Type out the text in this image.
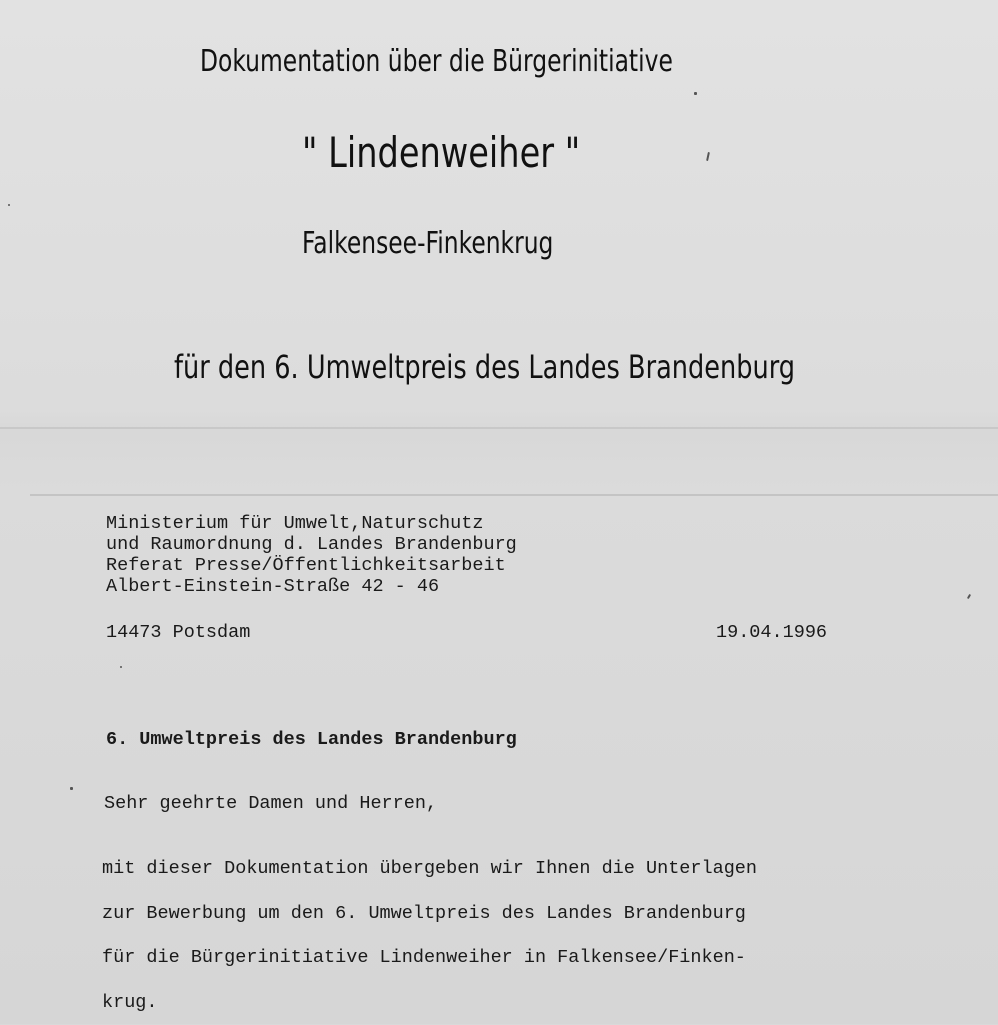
Dokumentation über die Bürgerinitiative
" Lindenweiher "
Falkensee-Finkenkrug
für den 6. Umweltpreis des Landes Brandenburg
Ministerium für Umwelt,Naturschutz
und Raumordnung d. Landes Brandenburg
Referat Presse/Öffentlichkeitsarbeit
Albert-Einstein-Straße 42 - 46
14473 Potsdam	19.04.1996
6. Umweltpreis des Landes Brandenburg
Sehr geehrte Damen und Herren,
mit dieser Dokumentation übergeben wir Ihnen die Unterlagen
zur Bewerbung um den 6. Umweltpreis des Landes Brandenburg
für die Bürgerinitiative Lindenweiher in Falkensee/Finken-
krug.
